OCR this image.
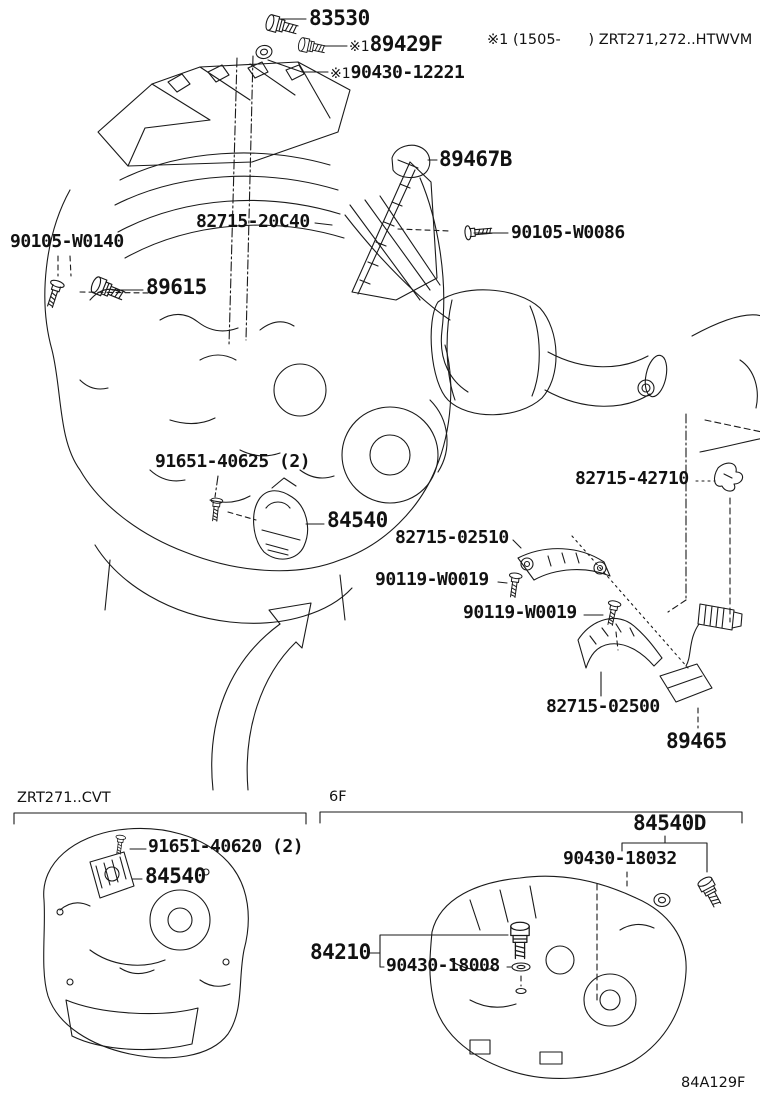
83530
※189429F
※190430-12221
※1 (1505-      ) ZRT271,272..HTWVM
89467B
82715-20C40
90105-W0086
90105-W0140
89615
91651-40625 (2)
84540
82715-02510
90119-W0019
82715-42710
90119-W0019
82715-02500
89465
ZRT271..CVT
91651-40620 (2)
84540
6F
84540D
90430-18032
84210
90430-18008
84A129F
